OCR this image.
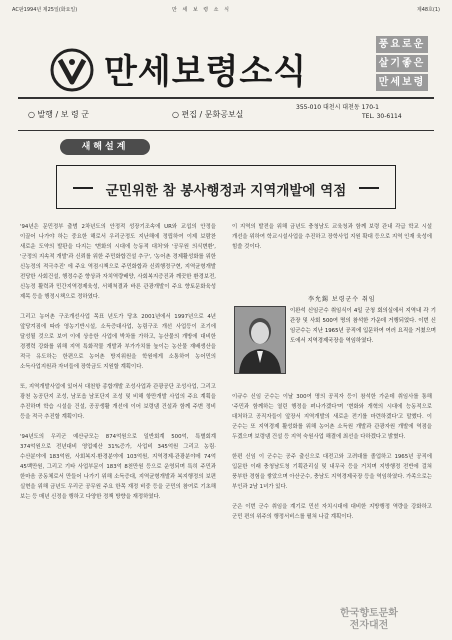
AC판1994년 제25일(화요일)	만 세 보 령 소 식	제48호(1)
만세보령소식
풍요로운
살기좋은
만세보령
○ 발행 / 보 령 군	○ 편집 / 문화공보실
355-010 대천시 대천동 170-1
TEL. 30-6114
새해설계
군민위한 참 봉사행정과 지역개발에 역점
'94년은 문민정부 출범 2차년도의 안정적 성장기조속에 UR와 교섭의 안정을 이끌어 나가야 하는 중요한 해로서 우리군정도 지난해에 정립하여 이제 보람찬 새로운 도약의 발판을 다지는 '변화의 시대에 능동적 대처'와 '공무원 의식변환', '군정의 지속적 개발'과 신뢰를 위한 주민화합건설 추구', '농어촌 경제활성화를 위한 신농정의 적극추진' 에 주요 역점시책으로 주민화합과 신뢰행정구현, 지역균형개발 전당한 사회건설, 행정수준 향상과 자치역량배양, 사회복지증진과 깨끗한 환경보전, 신농정 활력과 민간지역경제육성, 서해척결과 바른 관광개발이 주요 향토문화육성 제목 등을 행정시책으로 정하였다.

그리고 농어촌 구조개선사업 목표 년도가 당초 2001년에서 1997년으로 4년 앞당겨짐에 따라 영농기반시설, 소득증대사업, 농림구조 개선 사업등이 조기에 달성될 것으로 보여 이에 상응한 사업에 박차를 가하고, 농산물의 개방에 대비한 경쟁력 강화를 위해 지역 특화작물 개발과 부가가치를 높이는 농산물 재배생산을 적극 유도하는 한편으로 농어촌 방지위원을 학원에게 소통하여 농어민의 소득사업지원과 자녀들에 장학금도 지원할 계획이다.

또, 지역개발사업에 있어서 대천항 종합개발 조성사업과 관광공단 조성사업, 그리고 광천 농공단지 조성, 남포읍 남포단지 조성 및 비해 항만개발 사업의 주요 계획을 추진하며 학습 시설을 건설, 공공생활 개선에 이어 보령댐 건설과 함께 주변 정비 등을 적극 추진할 계획이다.

'94년도의 우리군 예산규모는 874억원으로 일반회계 500억, 특별회계 374억원으로 전년대비 영업예산 31%증가, 사업비 345억원 그리고 농림·수산분야에 183억원, 사회복지·환경분야에 103억원, 지역경제·관광분야에 74억 45백만원, 그리고 기타 사업부문이 183억 8천만원 등으로 운영되며 특히 주민과 한마음 공동체로서 만들어 나가기 위해 소득증대, 지역균형개발과 복지행정의 보편 실현을 위해 금년도 우리군 공무원 주요 한목 재정 비중 등을 군민의 참여로 기초해 보는 등 매년 신정을 행하고 다양한 정책 방향을 재정하였다.
이 지역의 발전을 위해 금년도 충청남도 교육청과 함께 보령 관내 각급 학교 시설 개선을 위하여 학교시설사업을 추진하고 장학사업 지원 확대 등으로 지역 인재 육성에 힘쓸 것이다.
李允錫 보령군수 취임
이완석 신임군수 취임식이 4일 군청 회의실에서 지역내 각 기관장 및 사회 500여 명의 참석한 가운데 거행되었다. 이번 신임군수는 지난 1965년 공직에 입문하여 여러 요직을 거쳤으며 도에서 지역경제국장을 역임하였다.
이규수 신임 군수는 이날 300여 명의 공직자 등이 참석한 가운데 취임사를 통해 '주민과 함께하는 열린 행정을 펴나가겠다'며 '변화와 개혁의 시대에 능동적으로 대처하고 공직자들이 앞장서 지역개발의 새로운 전기를 마련하겠다'고 말했다. 이 군수는 또 지역경제 활성화를 위해 농어촌 소득원 개발과 관광자원 개발에 역점을 두겠으며 보령댐 건설 등 지역 숙원사업 해결에 최선을 다하겠다고 밝혔다.

한편 신임 이 군수는 공주 출신으로 대전고와 고려대를 졸업하고 1965년 공직에 입문한 이래 충청남도청 기획관리실 및 내무국 등을 거치며 지방행정 전반에 걸쳐 풍부한 경험을 쌓았으며 아산군수, 충남도 지역경제국장 등을 역임하였다. 가족으로는 부인과 2남 1녀가 있다.

군은 이번 군수 취임을 계기로 민선 자치시대에 대비한 지방행정 역량을 강화하고 군민 편의 위주의 행정서비스를 펼쳐 나갈 계획이다.
한국향토문화
전자대전
